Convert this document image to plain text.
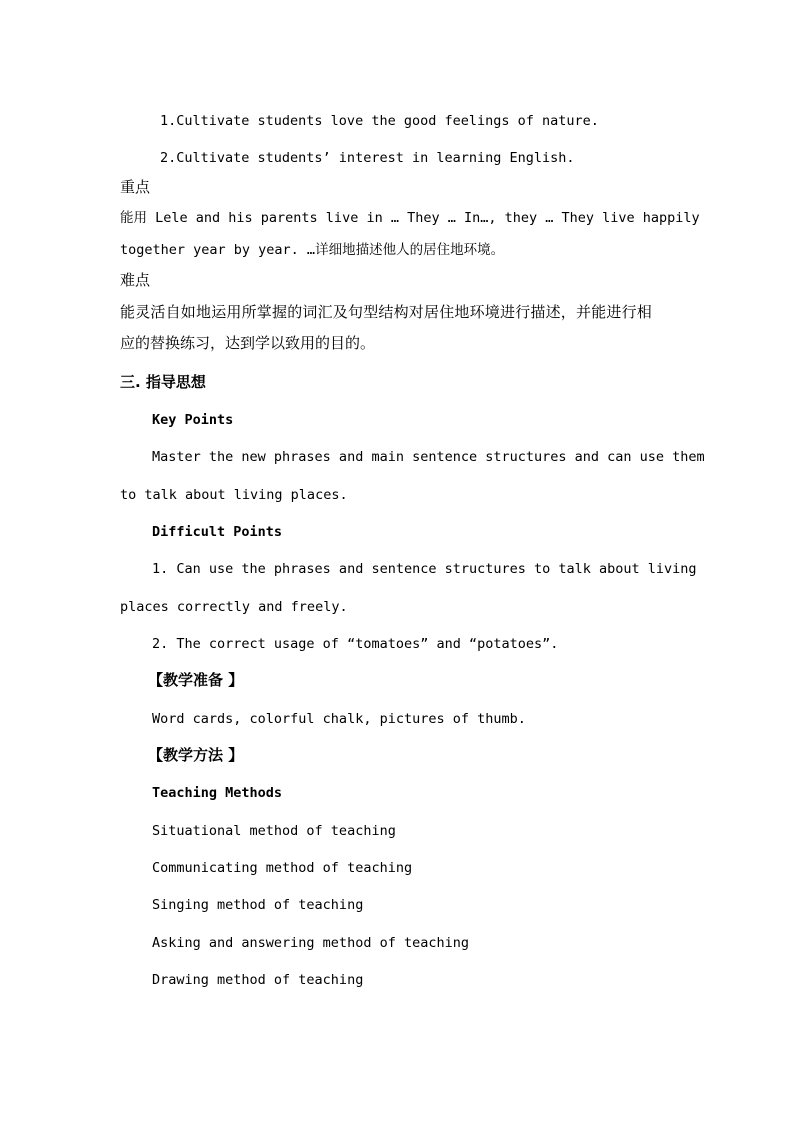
1.Cultivate students love the good feelings of nature.
2.Cultivate students’ interest in learning English.
重点
能用 Lele and his parents live in … They … In…, they … They live happily
together year by year. …详细地描述他人的居住地环境。
难点
能灵活自如地运用所掌握的词汇及句型结构对居住地环境进行描述，并能进行相
应的替换练习，达到学以致用的目的。
三. 指导思想
Key Points
Master the new phrases and main sentence structures and can use them
to talk about living places.
Difficult Points
1. Can use the phrases and sentence structures to talk about living
places correctly and freely.
2. The correct usage of “tomatoes” and “potatoes”.
【教学准备 】
Word cards, colorful chalk, pictures of thumb.
【教学方法 】
Teaching Methods
Situational method of teaching
Communicating method of teaching
Singing method of teaching
Asking and answering method of teaching
Drawing method of teaching
